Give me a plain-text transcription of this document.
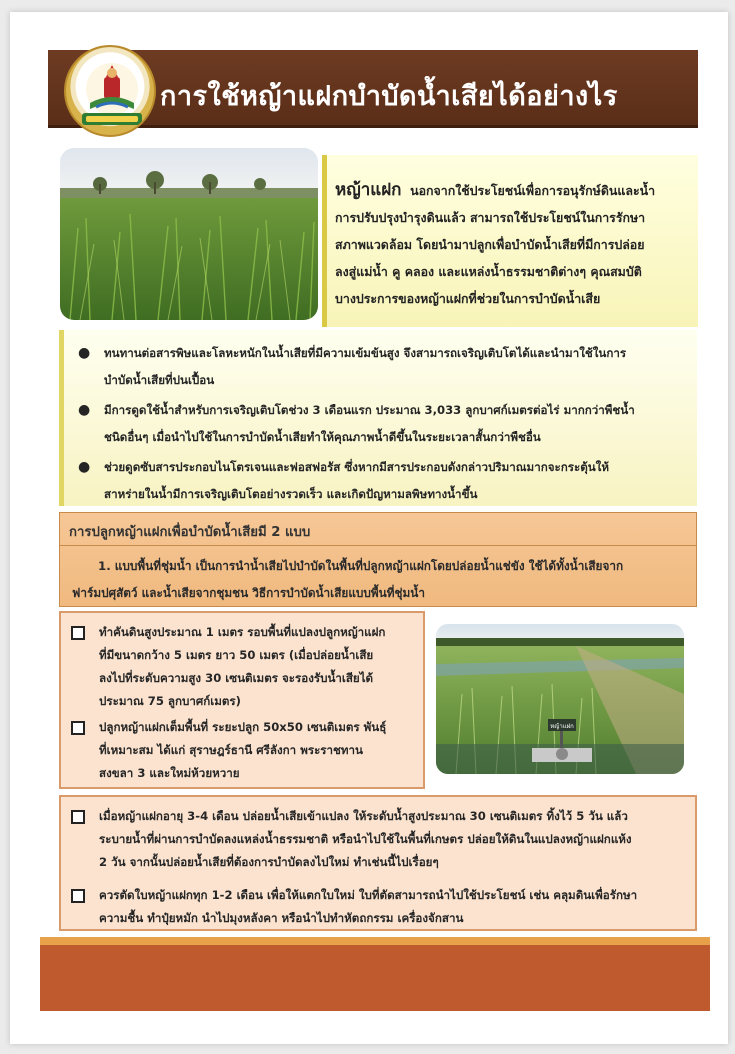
การใช้หญ้าแฝกบำบัดน้ำเสียได้อย่างไร

หญ้าแฝก นอกจากใช้ประโยชน์เพื่อการอนุรักษ์ดินและน้ำ

การปรับปรุงบำรุงดินแล้ว สามารถใช้ประโยชน์ในการรักษา

สภาพแวดล้อม โดยนำมาปลูกเพื่อบำบัดน้ำเสียที่มีการปล่อย

ลงสู่แม่น้ำ คู คลอง และแหล่งน้ำธรรมชาติต่างๆ คุณสมบัติ

บางประการของหญ้าแฝกที่ช่วยในการบำบัดน้ำเสีย

● ทนทานต่อสารพิษและโลหะหนักในน้ำเสียที่มีความเข้มข้นสูง จึงสามารถเจริญเติบโตได้และนำมาใช้ในการ
บำบัดน้ำเสียที่ปนเปื้อน
● มีการดูดใช้น้ำสำหรับการเจริญเติบโตช่วง 3 เดือนแรก ประมาณ 3,033 ลูกบาศก์เมตรต่อไร่ มากกว่าพืชน้ำ
ชนิดอื่นๆ เมื่อนำไปใช้ในการบำบัดน้ำเสียทำให้คุณภาพน้ำดีขึ้นในระยะเวลาสั้นกว่าพืชอื่น
● ช่วยดูดซับสารประกอบไนโตรเจนและฟอสฟอรัส ซึ่งหากมีสารประกอบดังกล่าวปริมาณมากจะกระตุ้นให้
สาหร่ายในน้ำมีการเจริญเติบโตอย่างรวดเร็ว และเกิดปัญหามลพิษทางน้ำขึ้น
การปลูกหญ้าแฝกเพื่อบำบัดน้ำเสียมี 2 แบบ
1. แบบพื้นที่ชุ่มน้ำ เป็นการนำน้ำเสียไปบำบัดในพื้นที่ปลูกหญ้าแฝกโดยปล่อยน้ำแช่ขัง ใช้ได้ทั้งน้ำเสียจาก
ฟาร์มปศุสัตว์ และน้ำเสียจากชุมชน วิธีการบำบัดน้ำเสียแบบพื้นที่ชุ่มน้ำ
ทำคันดินสูงประมาณ 1 เมตร รอบพื้นที่แปลงปลูกหญ้าแฝก
ที่มีขนาดกว้าง 5 เมตร ยาว 50 เมตร (เมื่อปล่อยน้ำเสีย
ลงไปที่ระดับความสูง 30 เซนติเมตร จะรองรับน้ำเสียได้
ประมาณ 75 ลูกบาศก์เมตร)
ปลูกหญ้าแฝกเต็มพื้นที่ ระยะปลูก 50x50 เซนติเมตร พันธุ์
ที่เหมาะสม ได้แก่ สุราษฎร์ธานี ศรีลังกา พระราชทาน
สงขลา 3 และใหม่ห้วยหวาย
หญ้าแฝก
เมื่อหญ้าแฝกอายุ 3-4 เดือน ปล่อยน้ำเสียเข้าแปลง ให้ระดับน้ำสูงประมาณ 30 เซนติเมตร ทิ้งไว้ 5 วัน แล้ว
ระบายน้ำที่ผ่านการบำบัดลงแหล่งน้ำธรรมชาติ หรือนำไปใช้ในพื้นที่เกษตร ปล่อยให้ดินในแปลงหญ้าแฝกแห้ง
2 วัน จากนั้นปล่อยน้ำเสียที่ต้องการบำบัดลงไปใหม่ ทำเช่นนี้ไปเรื่อยๆ
ควรตัดใบหญ้าแฝกทุก 1-2 เดือน เพื่อให้แตกใบใหม่ ใบที่ตัดสามารถนำไปใช้ประโยชน์ เช่น คลุมดินเพื่อรักษา
ความชื้น ทำปุ๋ยหมัก นำไปมุงหลังคา หรือนำไปทำหัตถกรรม เครื่องจักสาน
